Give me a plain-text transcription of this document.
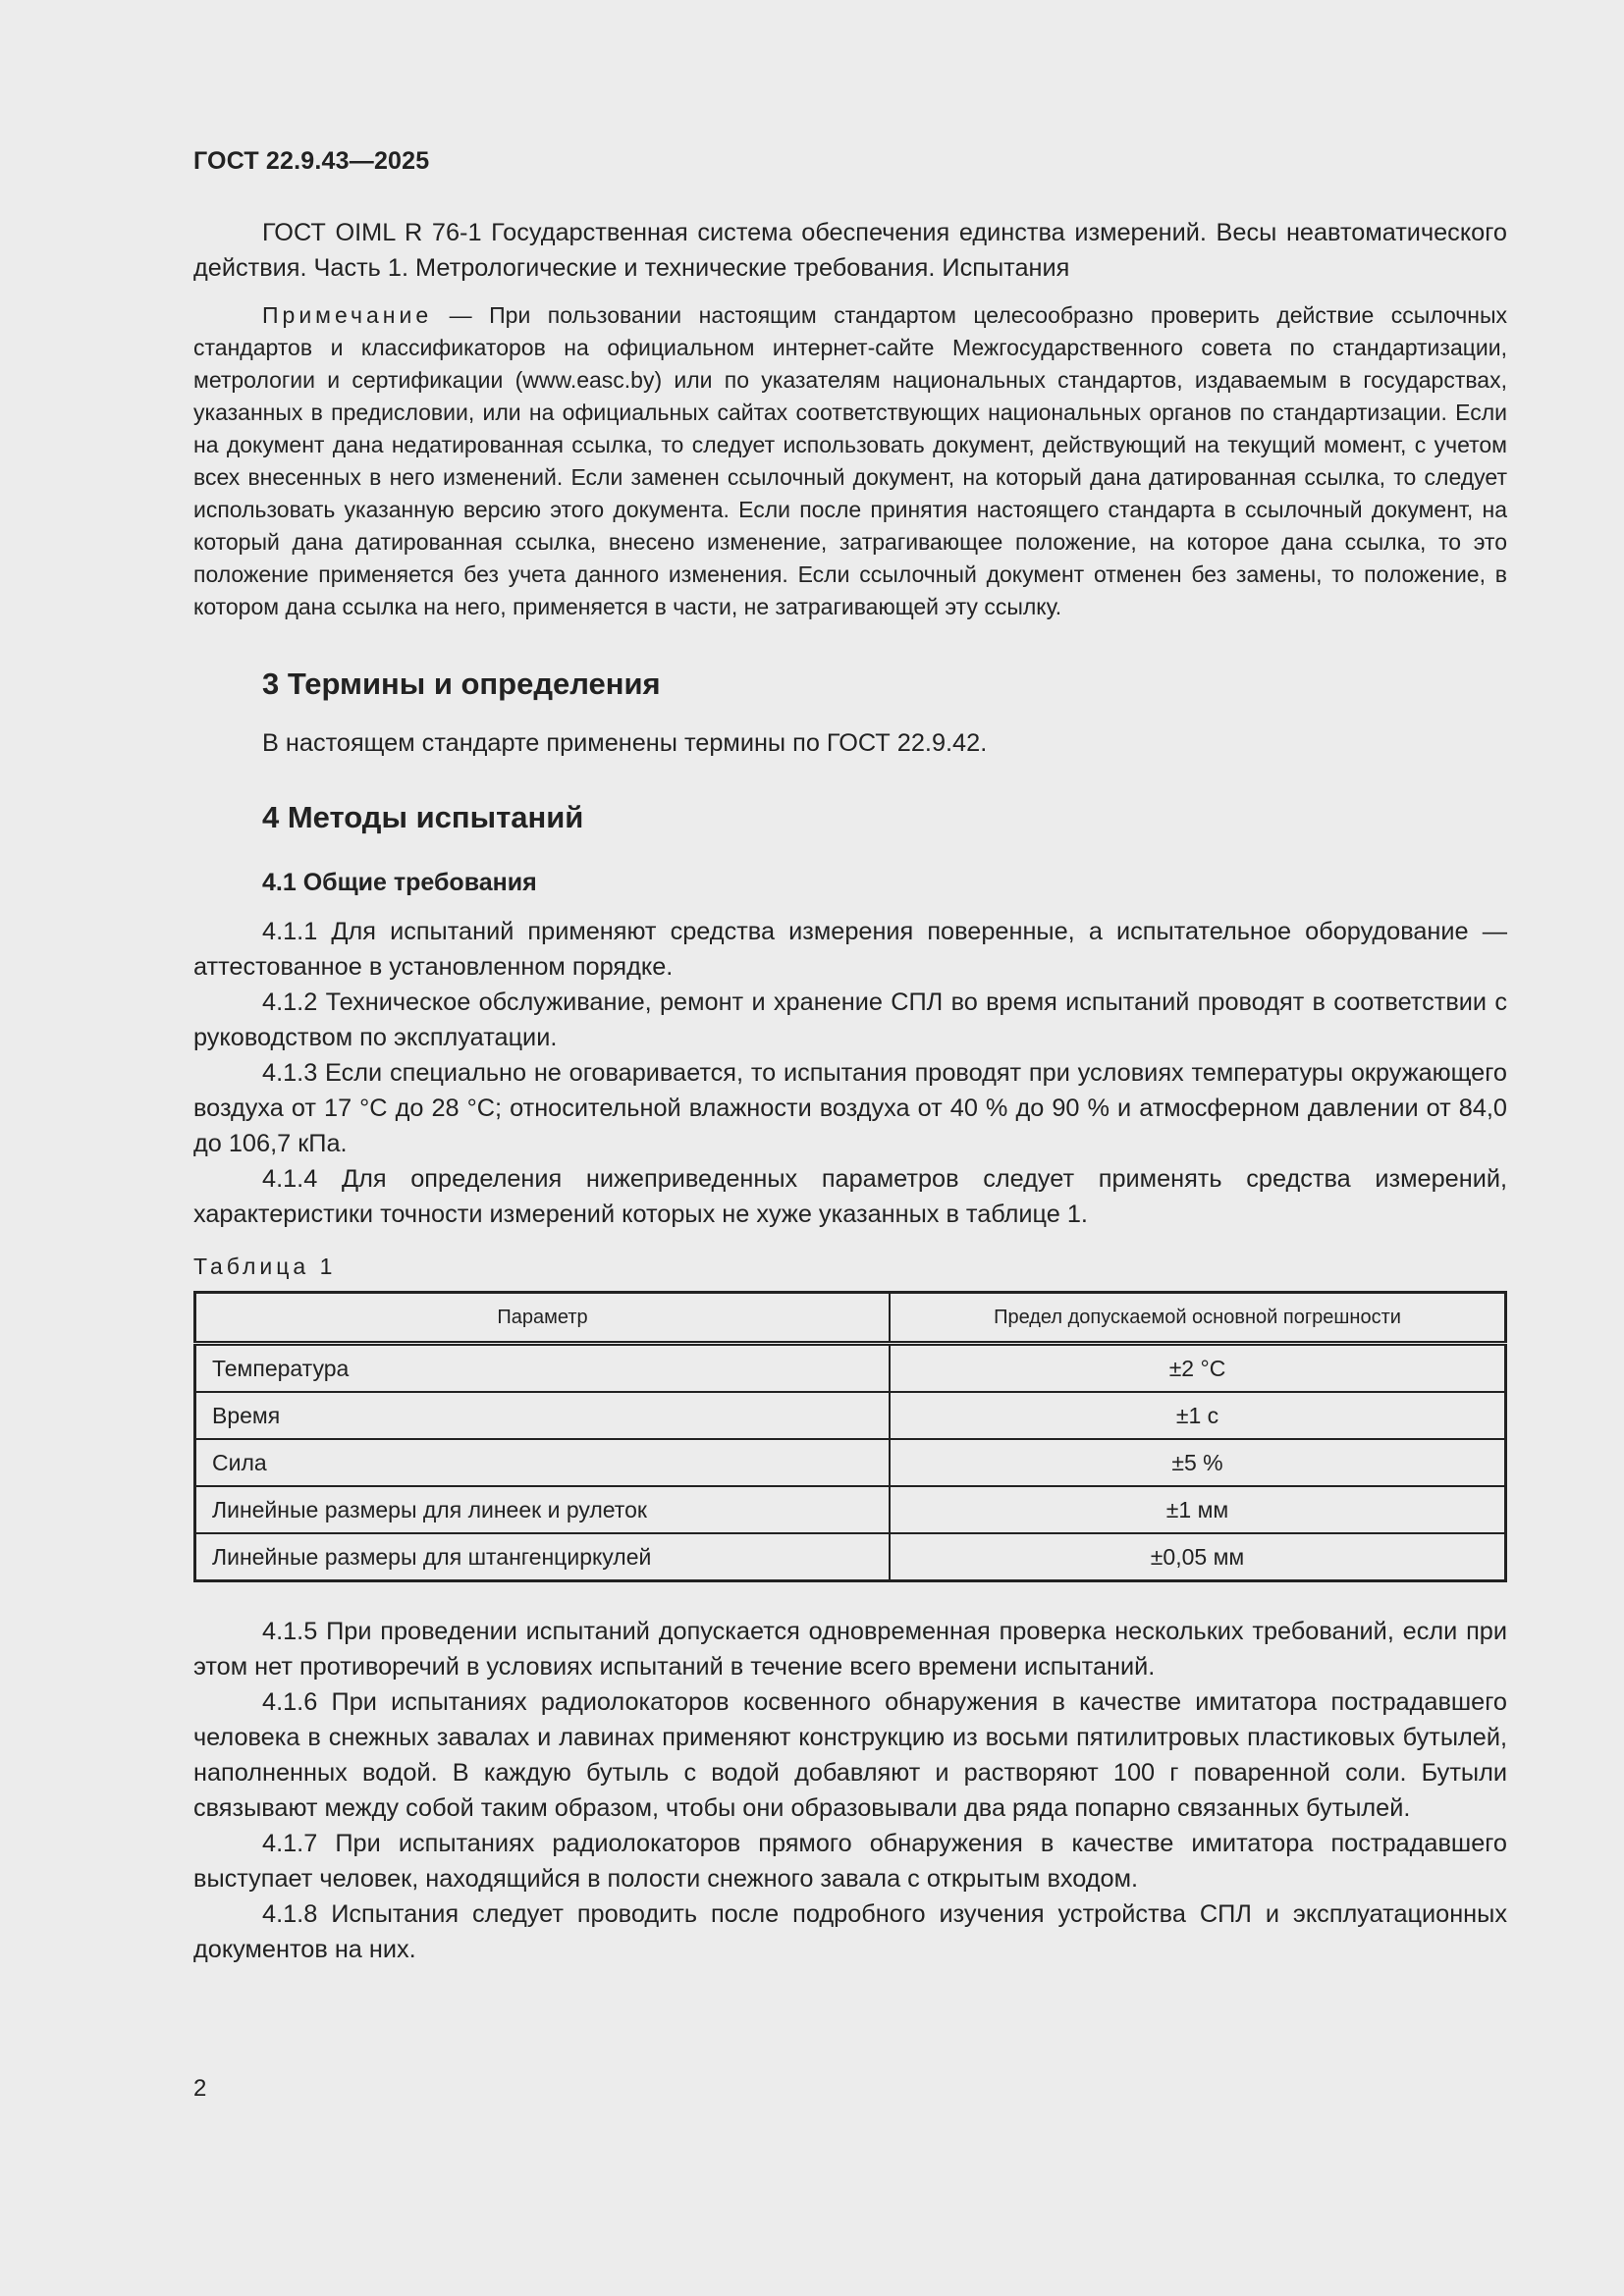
ГОСТ 22.9.43—2025

ГОСТ OIML R 76-1 Государственная система обеспечения единства измерений. Весы неавтоматического действия. Часть 1. Метрологические и технические требования. Испытания

Примечание — При пользовании настоящим стандартом целесообразно проверить действие ссылочных стандартов и классификаторов на официальном интернет-сайте Межгосударственного совета по стандартизации, метрологии и сертификации (www.easc.by) или по указателям национальных стандартов, издаваемым в государствах, указанных в предисловии, или на официальных сайтах соответствующих национальных органов по стандартизации. Если на документ дана недатированная ссылка, то следует использовать документ, действующий на текущий момент, с учетом всех внесенных в него изменений. Если заменен ссылочный документ, на который дана датированная ссылка, то следует использовать указанную версию этого документа. Если после принятия настоящего стандарта в ссылочный документ, на который дана датированная ссылка, внесено изменение, затрагивающее положение, на которое дана ссылка, то это положение применяется без учета данного изменения. Если ссылочный документ отменен без замены, то положение, в котором дана ссылка на него, применяется в части, не затрагивающей эту ссылку.

3 Термины и определения

В настоящем стандарте применены термины по ГОСТ 22.9.42.

4 Методы испытаний
4.1 Общие требования

4.1.1 Для испытаний применяют средства измерения поверенные, а испытательное оборудование — аттестованное в установленном порядке.

4.1.2 Техническое обслуживание, ремонт и хранение СПЛ во время испытаний проводят в соответствии с руководством по эксплуатации.

4.1.3 Если специально не оговаривается, то испытания проводят при условиях температуры окружающего воздуха от 17 °С до 28 °С; относительной влажности воздуха от 40 % до 90 % и атмосферном давлении от 84,0 до 106,7 кПа.

4.1.4 Для определения нижеприведенных параметров следует применять средства измерений, характеристики точности измерений которых не хуже указанных в таблице 1.

Таблица 1
Параметр	Предел допускаемой основной погрешности
Температура	±2 °С
Время	±1 с
Сила	±5 %
Линейные размеры для линеек и рулеток	±1 мм
Линейные размеры для штангенциркулей	±0,05 мм

4.1.5 При проведении испытаний допускается одновременная проверка нескольких требований, если при этом нет противоречий в условиях испытаний в течение всего времени испытаний.

4.1.6 При испытаниях радиолокаторов косвенного обнаружения в качестве имитатора пострадавшего человека в снежных завалах и лавинах применяют конструкцию из восьми пятилитровых пластиковых бутылей, наполненных водой. В каждую бутыль с водой добавляют и растворяют 100 г поваренной соли. Бутыли связывают между собой таким образом, чтобы они образовывали два ряда попарно связанных бутылей.

4.1.7 При испытаниях радиолокаторов прямого обнаружения в качестве имитатора пострадавшего выступает человек, находящийся в полости снежного завала с открытым входом.

4.1.8 Испытания следует проводить после подробного изучения устройства СПЛ и эксплуатационных документов на них.

2
